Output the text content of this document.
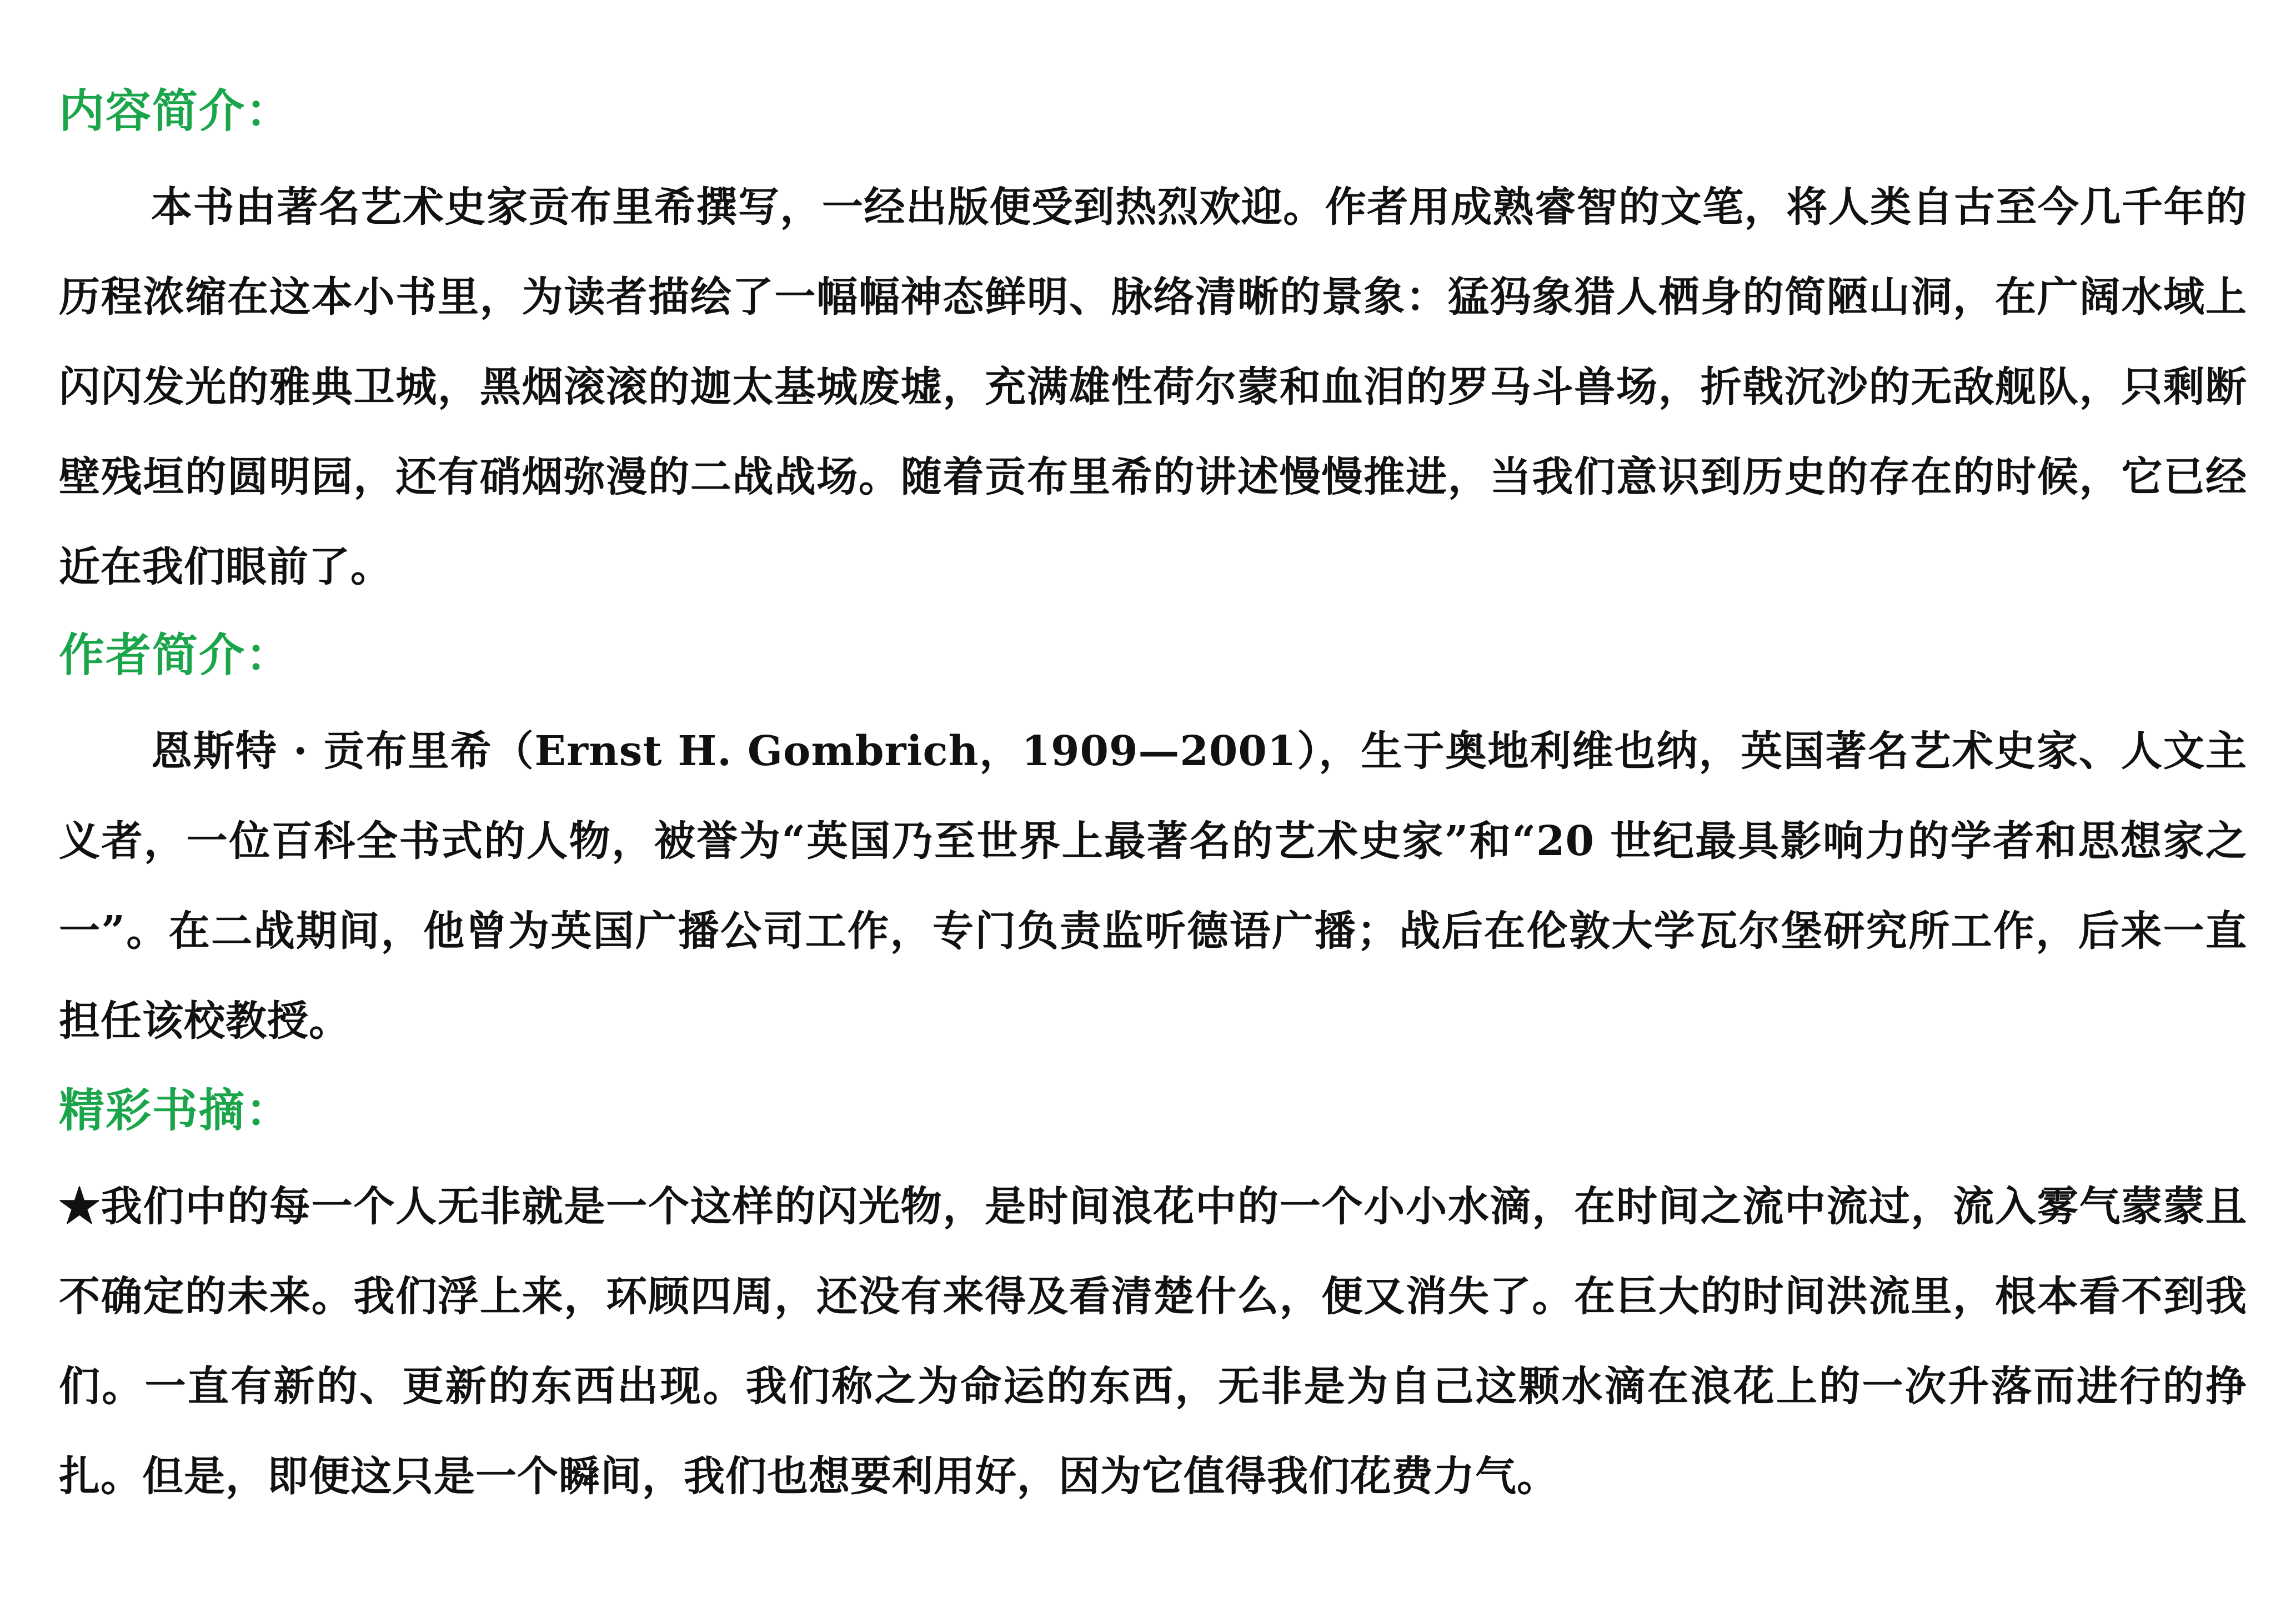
内容简介：
本书由著名艺术史家贡布里希撰写，一经出版便受到热烈欢迎。作者用成熟睿智的文笔，将人类自古至今几千年的历程浓缩在这本小书里，为读者描绘了一幅幅神态鲜明、脉络清晰的景象：猛犸象猎人栖身的简陋山洞，在广阔水域上闪闪发光的雅典卫城，黑烟滚滚的迦太基城废墟，充满雄性荷尔蒙和血泪的罗马斗兽场，折戟沉沙的无敌舰队，只剩断壁残垣的圆明园，还有硝烟弥漫的二战战场。随着贡布里希的讲述慢慢推进，当我们意识到历史的存在的时候，它已经近在我们眼前了。
作者简介：
恩斯特 · 贡布里希（Ernst H. Gombrich，1909—2001），生于奥地利维也纳，英国著名艺术史家、人文主义者，一位百科全书式的人物，被誉为“英国乃至世界上最著名的艺术史家”和“20 世纪最具影响力的学者和思想家之一”。在二战期间，他曾为英国广播公司工作，专门负责监听德语广播；战后在伦敦大学瓦尔堡研究所工作，后来一直担任该校教授。
精彩书摘：
★我们中的每一个人无非就是一个这样的闪光物，是时间浪花中的一个小小水滴，在时间之流中流过，流入雾气蒙蒙且不确定的未来。我们浮上来，环顾四周，还没有来得及看清楚什么，便又消失了。在巨大的时间洪流里，根本看不到我们。一直有新的、更新的东西出现。我们称之为命运的东西，无非是为自己这颗水滴在浪花上的一次升落而进行的挣扎。但是，即便这只是一个瞬间，我们也想要利用好，因为它值得我们花费力气。
